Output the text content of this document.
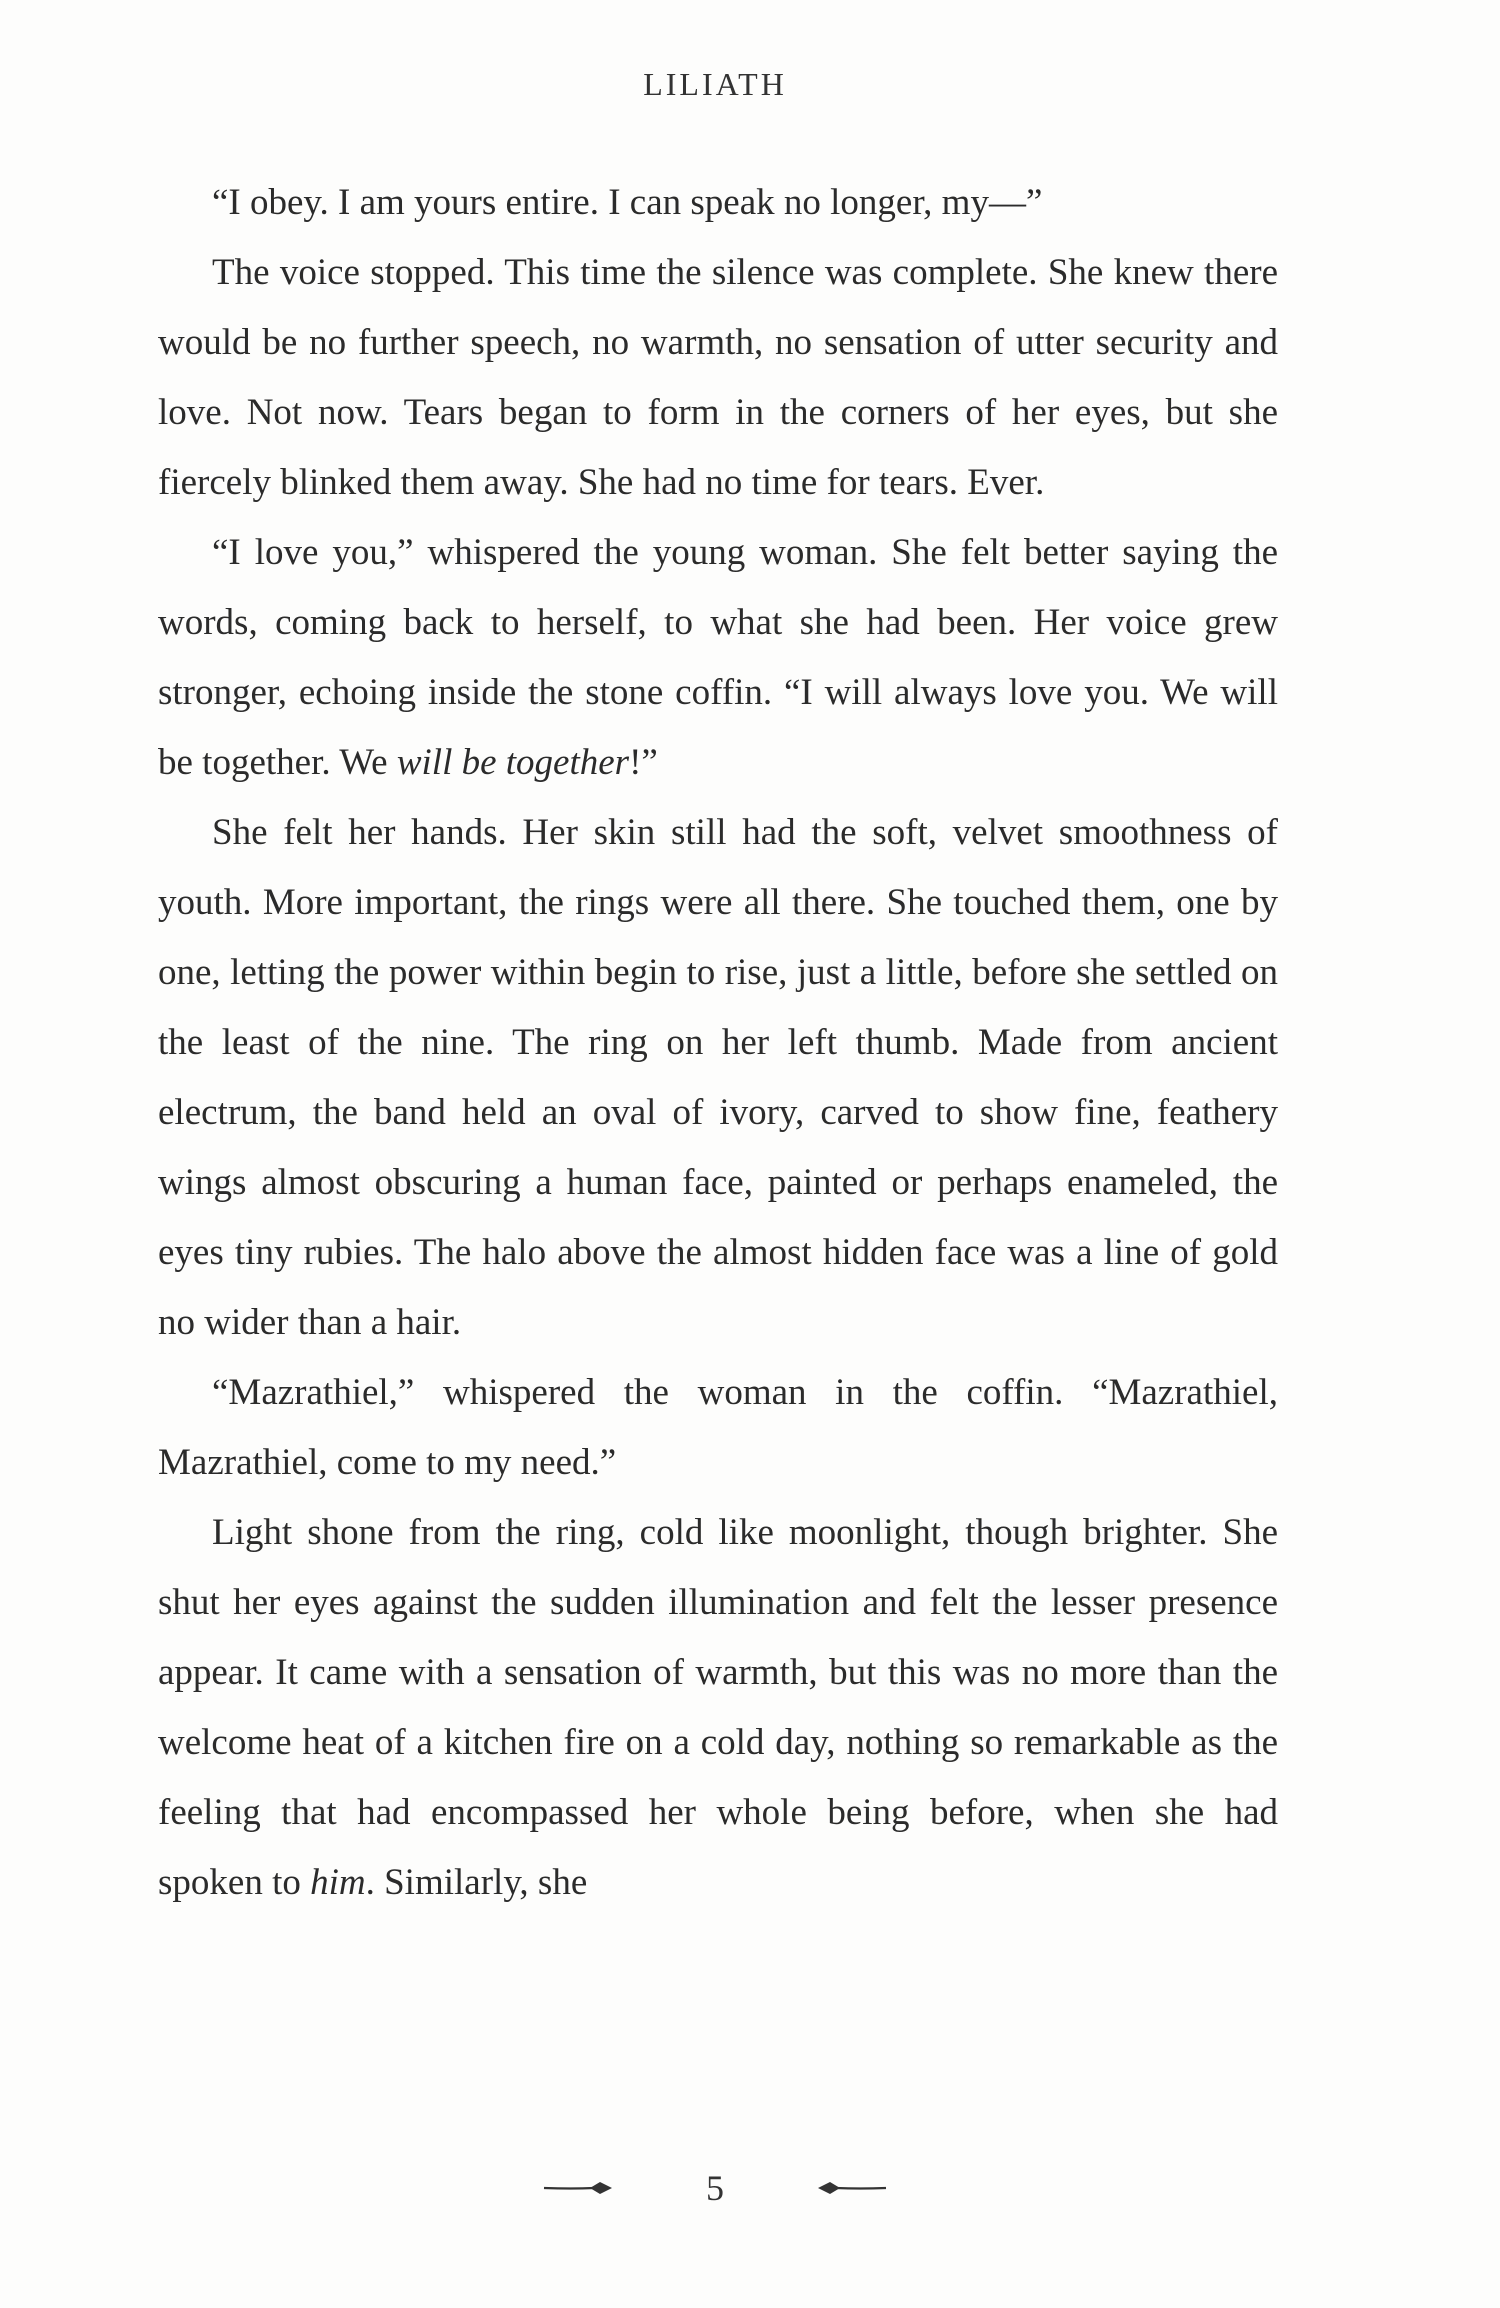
LILIATH

“I obey. I am yours entire. I can speak no longer, my—”

The voice stopped. This time the silence was complete. She knew there would be no further speech, no warmth, no sensation of utter security and love. Not now. Tears began to form in the corners of her eyes, but she fiercely blinked them away. She had no time for tears. Ever.

“I love you,” whispered the young woman. She felt better saying the words, coming back to herself, to what she had been. Her voice grew stronger, echoing inside the stone coffin. “I will always love you. We will be together. We will be together!”

She felt her hands. Her skin still had the soft, velvet smoothness of youth. More important, the rings were all there. She touched them, one by one, letting the power within begin to rise, just a little, before she settled on the least of the nine. The ring on her left thumb. Made from ancient electrum, the band held an oval of ivory, carved to show fine, feathery wings almost obscuring a human face, painted or perhaps enameled, the eyes tiny rubies. The halo above the almost hidden face was a line of gold no wider than a hair.

“Mazrathiel,” whispered the woman in the coffin. “Mazrathiel, Mazrathiel, come to my need.”

Light shone from the ring, cold like moonlight, though brighter. She shut her eyes against the sudden illumination and felt the lesser presence appear. It came with a sensation of warmth, but this was no more than the welcome heat of a kitchen fire on a cold day, nothing so remarkable as the feeling that had encompassed her whole being before, when she had spoken to him. Similarly, she

5
